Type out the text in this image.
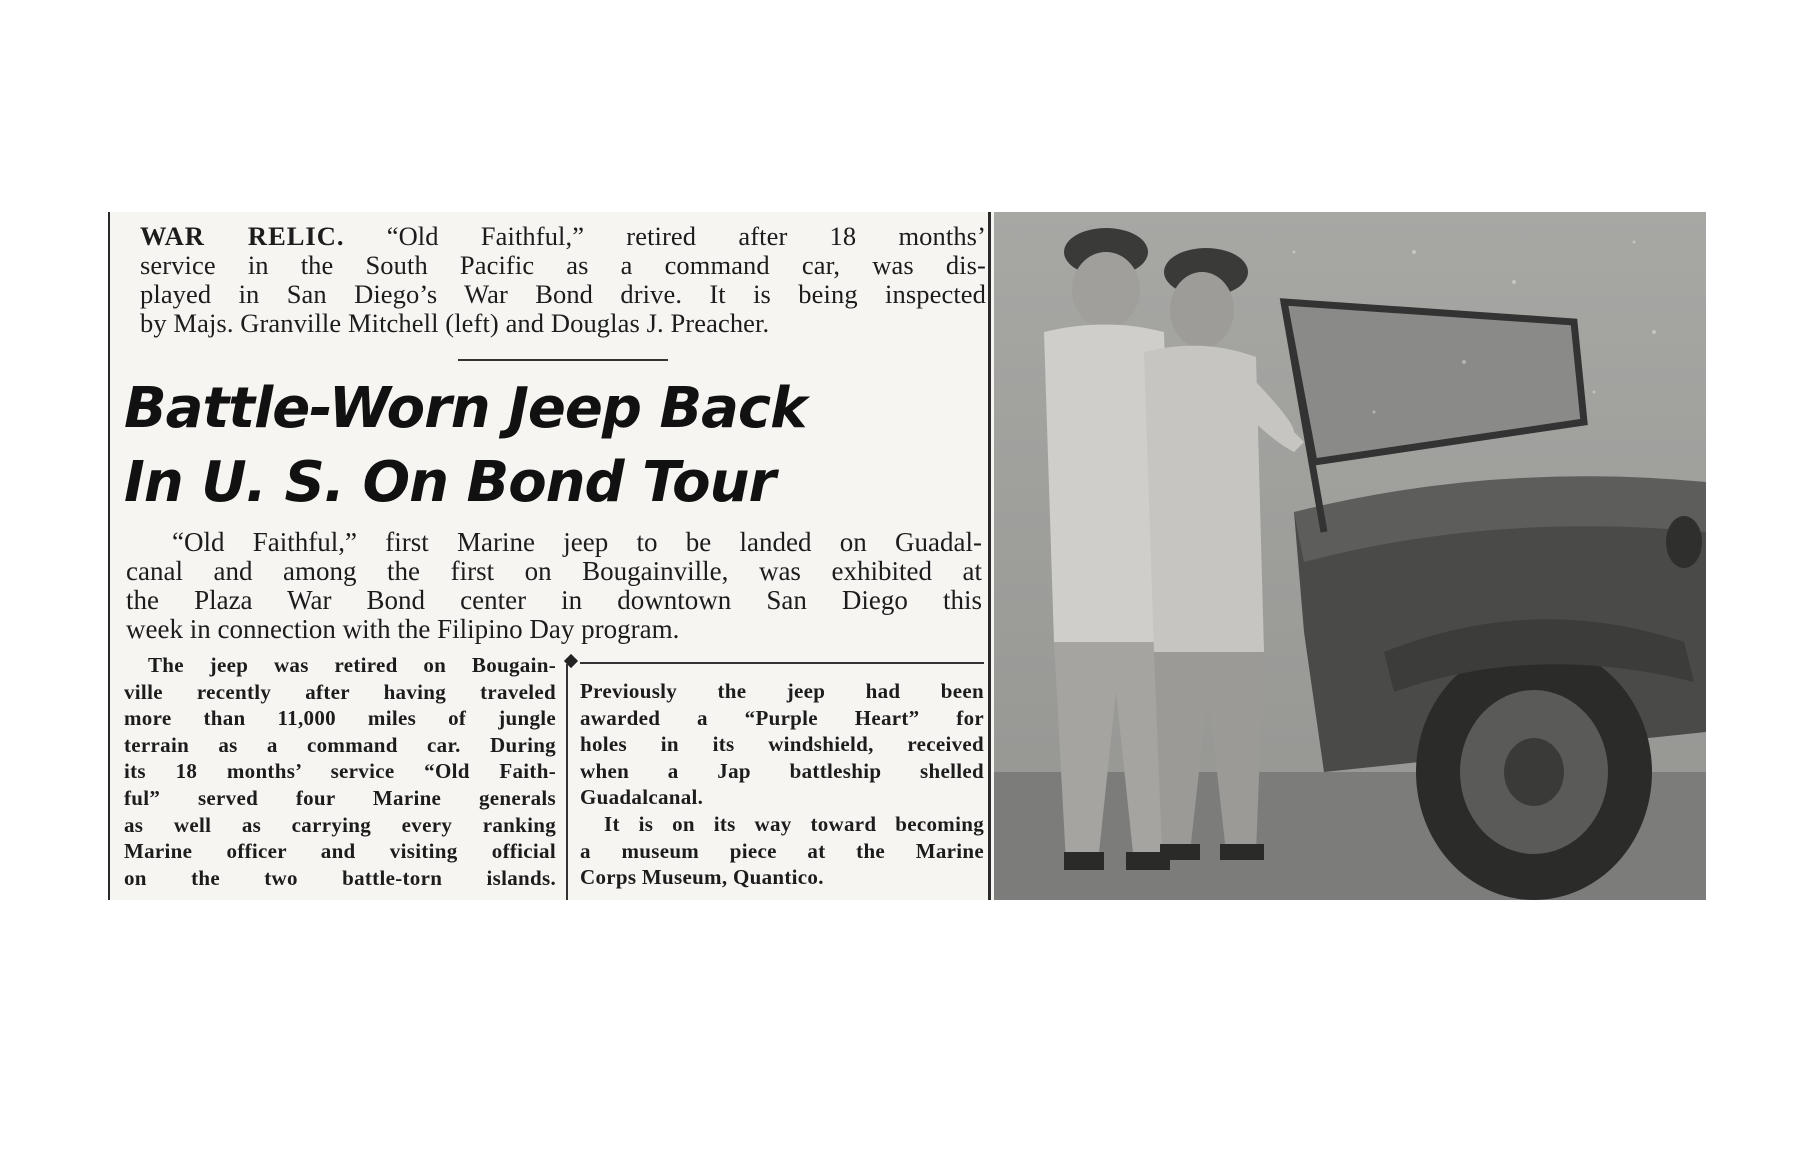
WAR RELIC. “Old Faithful,” retired after 18 months’
service in the South Pacific as a command car, was dis-
played in San Diego’s War Bond drive. It is being inspected
by Majs. Granville Mitchell (left) and Douglas J. Preacher.
Battle-Worn Jeep Back
In U. S. On Bond Tour
“Old Faithful,” first Marine jeep to be landed on Guadal-
canal and among the first on Bougainville, was exhibited at
the Plaza War Bond center in downtown San Diego this
week in connection with the Filipino Day program.
The jeep was retired on Bougain-
ville recently after having traveled
more than 11,000 miles of jungle
terrain as a command car. During
its 18 months’ service “Old Faith-
ful” served four Marine generals
as well as carrying every ranking
Marine officer and visiting official
on the two battle-torn islands.
Previously the jeep had been
awarded a “Purple Heart” for
holes in its windshield, received
when a Jap battleship shelled
Guadalcanal.
It is on its way toward becoming
a museum piece at the Marine
Corps Museum, Quantico.
